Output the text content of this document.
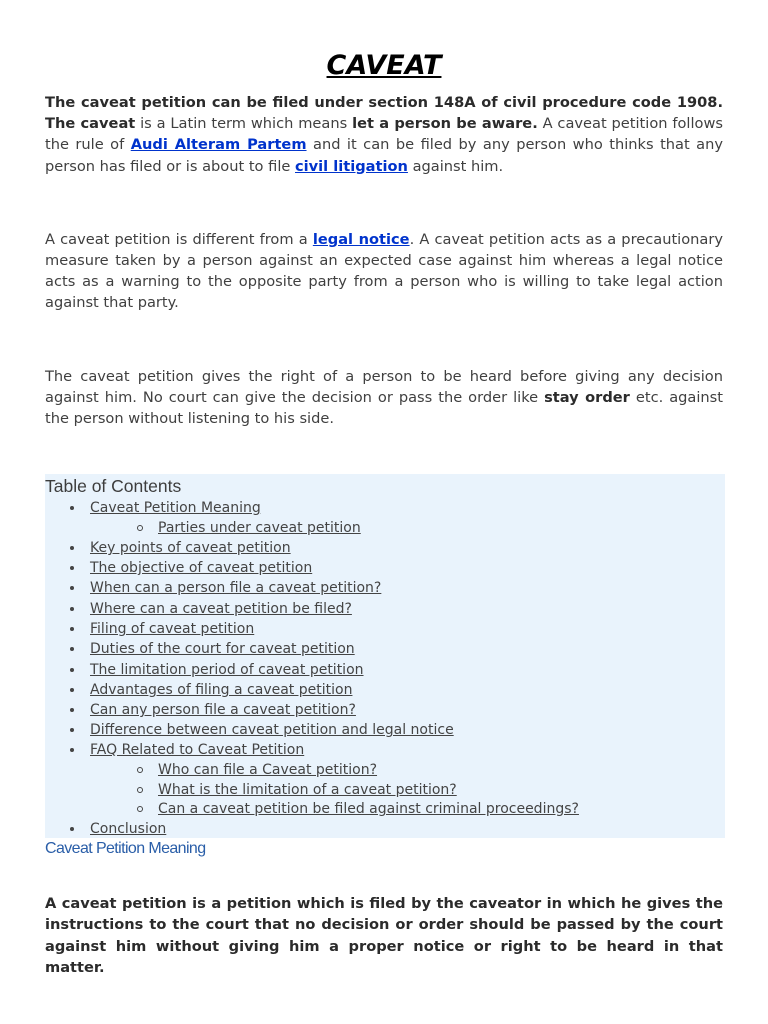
CAVEAT

The caveat petition can be filed under section 148A of civil procedure code 1908. The caveat is a Latin term which means let a person be aware. A caveat petition follows the rule of Audi Alteram Partem and it can be filed by any person who thinks that any person has filed or is about to file civil litigation against him.

A caveat petition is different from a legal notice. A caveat petition acts as a precautionary measure taken by a person against an expected case against him whereas a legal notice acts as a warning to the opposite party from a person who is willing to take legal action against that party.

The caveat petition gives the right of a person to be heard before giving any decision against him. No court can give the decision or pass the order like stay order etc. against the person without listening to his side.

Table of Contents
Caveat Petition Meaning
Parties under caveat petition
Key points of caveat petition
The objective of caveat petition
When can a person file a caveat petition?
Where can a caveat petition be filed?
Filing of caveat petition
Duties of the court for caveat petition
The limitation period of caveat petition
Advantages of filing a caveat petition
Can any person file a caveat petition?
Difference between caveat petition and legal notice
FAQ Related to Caveat Petition
Who can file a Caveat petition?
What is the limitation of a caveat petition?
Can a caveat petition be filed against criminal proceedings?
Conclusion
Caveat Petition Meaning

A caveat petition is a petition which is filed by the caveator in which he gives the instructions to the court that no decision or order should be passed by the court against him without giving him a proper notice or right to be heard in that matter.
